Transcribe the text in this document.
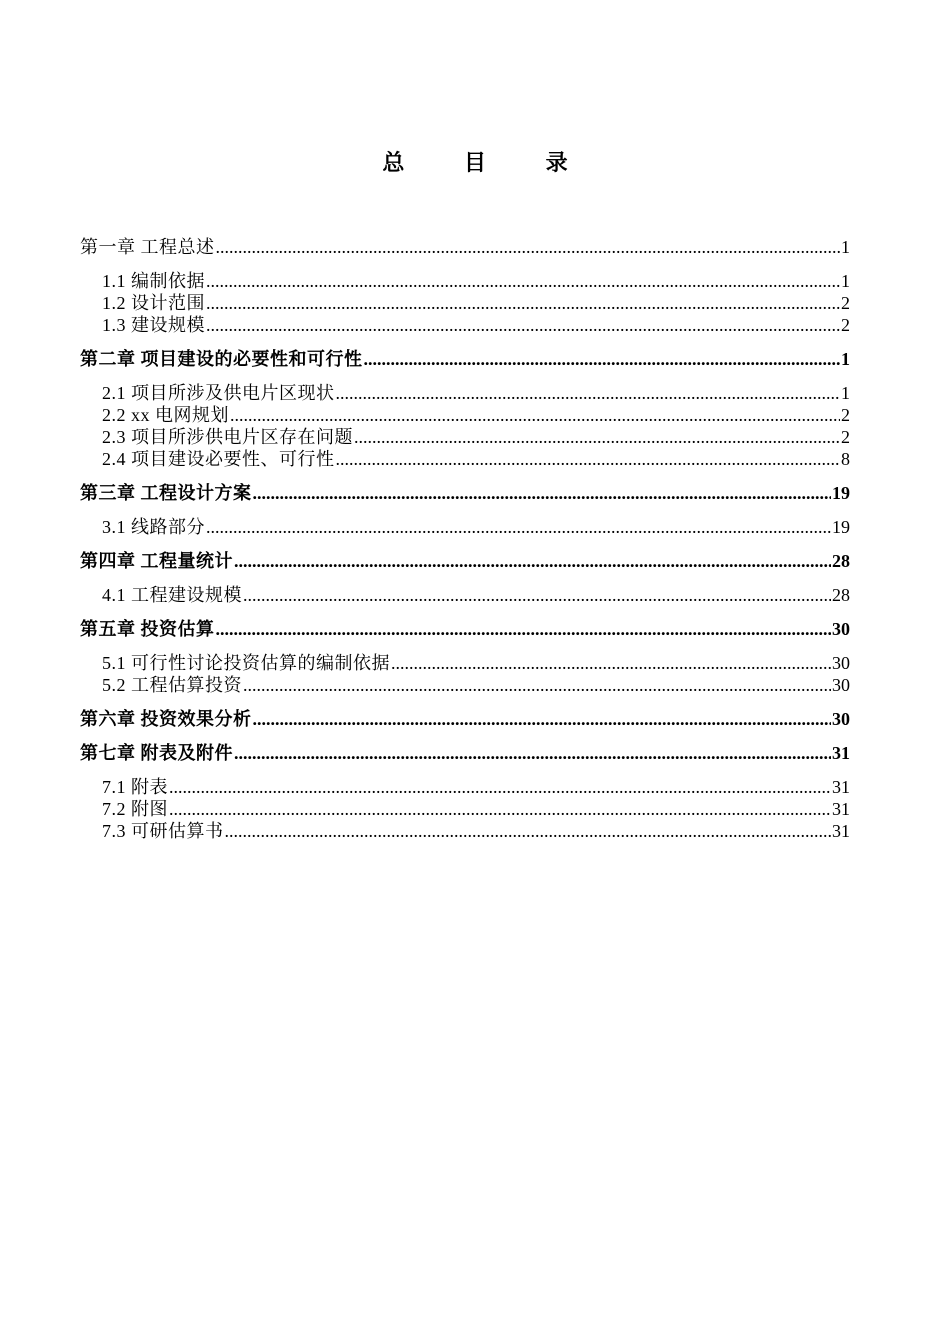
总 目 录
第一章 工程总述 .....	1
1.1 编制依据 .....	1
1.2 设计范围 .....	2
1.3 建设规模 .....	2
第二章 项目建设的必要性和可行性 .....	1
2.1 项目所涉及供电片区现状 .....	1
2.2 xx 电网规划 .....	2
2.3 项目所涉供电片区存在问题 .....	2
2.4 项目建设必要性、可行性 .....	8
第三章 工程设计方案 .....	19
3.1 线路部分 .....	19
第四章 工程量统计 .....	28
4.1 工程建设规模 .....	28
第五章 投资估算 .....	30
5.1 可行性讨论投资估算的编制依据 .....	30
5.2 工程估算投资 .....	30
第六章 投资效果分析 .....	30
第七章 附表及附件 .....	31
7.1 附表 .....	31
7.2 附图 .....	31
7.3 可研估算书 .....	31
